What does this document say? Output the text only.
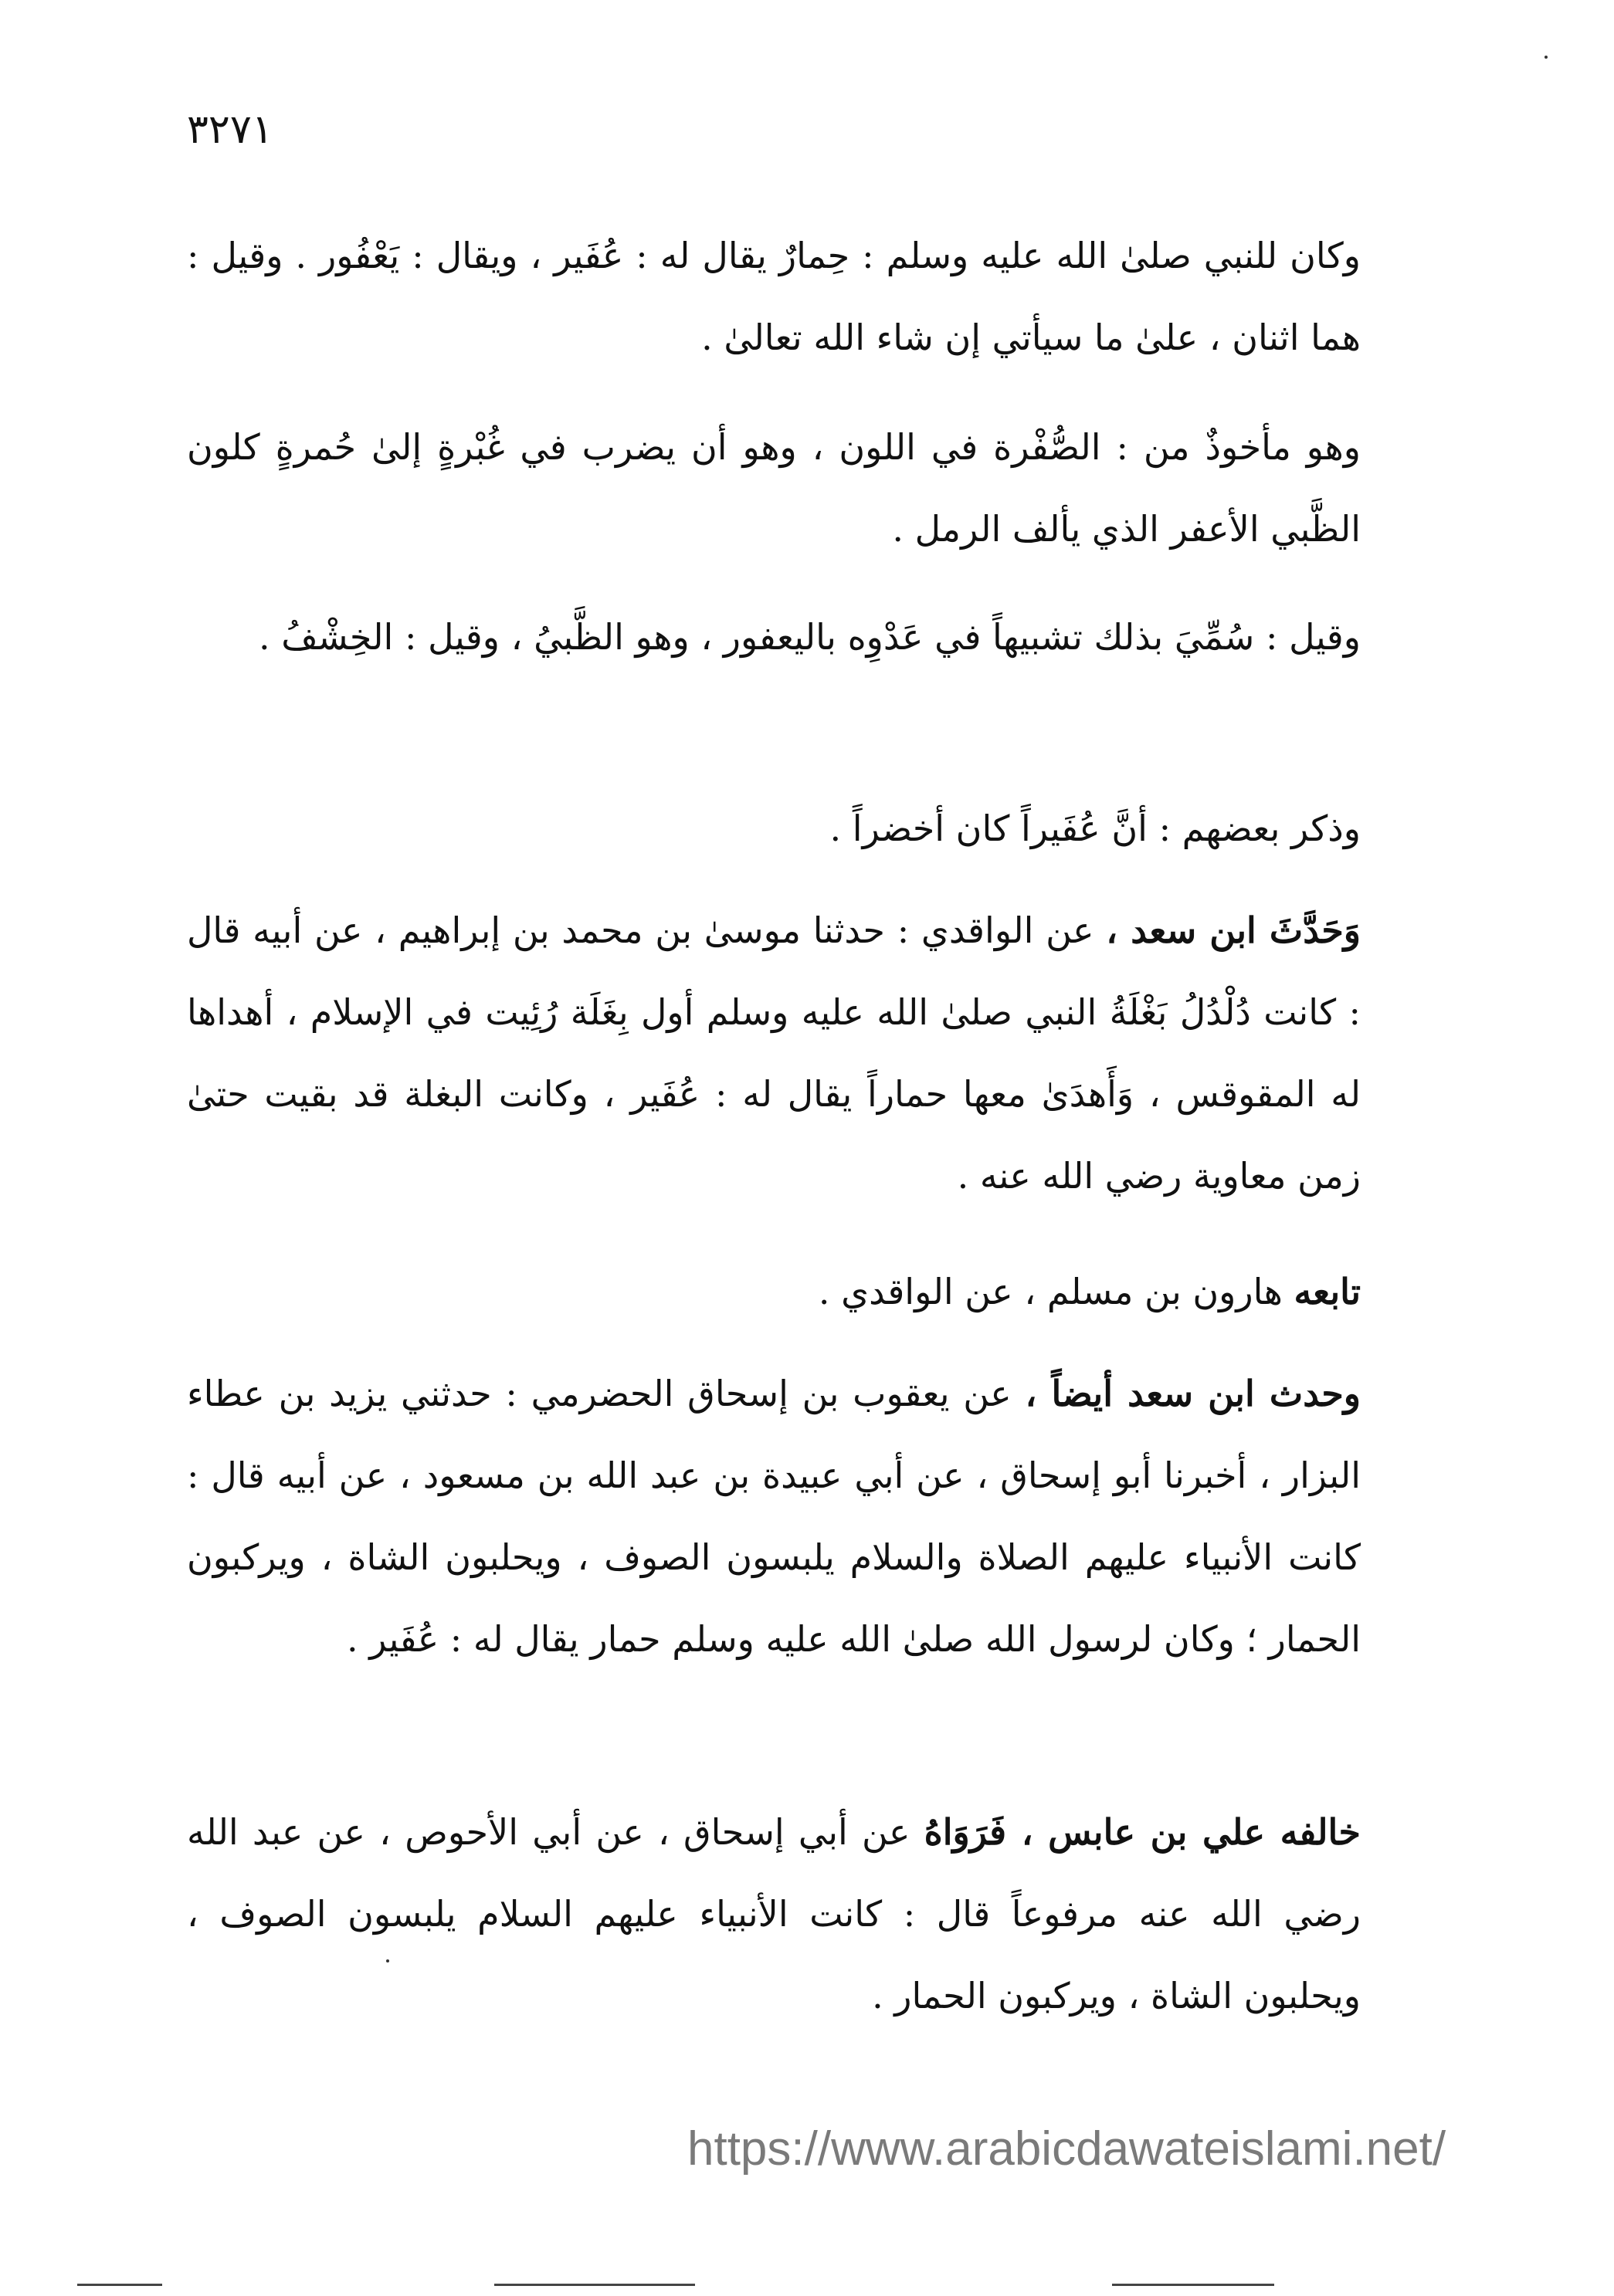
٣٢٧١

وكان للنبي صلىٰ الله عليه وسلم : حِمارٌ يقال له : عُفَير ، ويقال : يَعْفُور . وقيل : هما اثنان ، علىٰ ما سيأتي إن شاء الله تعالىٰ .

وهو مأخوذٌ من : الصُّفْرة في اللون ، وهو أن يضرب في غُبْرةٍ إلىٰ حُمرةٍ كلون الظَّبي الأعفر الذي يألف الرمل .

وقيل : سُمِّيَ بذلك تشبيهاً في عَدْوِه باليعفور ، وهو الظَّبيُ ، وقيل : الخِشْفُ .

وذكر بعضهم : أنَّ عُفَيراً كان أخضراً .

وَحَدَّثَ ابن سعد ، عن الواقدي : حدثنا موسىٰ بن محمد بن إبراهيم ، عن أبيه قال : كانت دُلْدُلُ بَغْلَةُ النبي صلىٰ الله عليه وسلم أول بِغَلَة رُئِيت في الإسلام ، أهداها له المقوقس ، وَأَهدَىٰ معها حماراً يقال له : عُفَير ، وكانت البغلة قد بقيت حتىٰ زمن معاوية رضي الله عنه .

تابعه هارون بن مسلم ، عن الواقدي .

وحدث ابن سعد أيضاً ، عن يعقوب بن إسحاق الحضرمي : حدثني يزيد بن عطاء البزار ، أخبرنا أبو إسحاق ، عن أبي عبيدة بن عبد الله بن مسعود ، عن أبيه قال : كانت الأنبياء عليهم الصلاة والسلام يلبسون الصوف ، ويحلبون الشاة ، ويركبون الحمار ؛ وكان لرسول الله صلىٰ الله عليه وسلم حمار يقال له : عُفَير .

خالفه علي بن عابس ، فَرَوَاهُ عن أبي إسحاق ، عن أبي الأحوص ، عن عبد الله رضي الله عنه مرفوعاً قال : كانت الأنبياء عليهم السلام يلبسون الصوف ، ويحلبون الشاة ، ويركبون الحمار .

https://www.arabicdawateislami.net/
